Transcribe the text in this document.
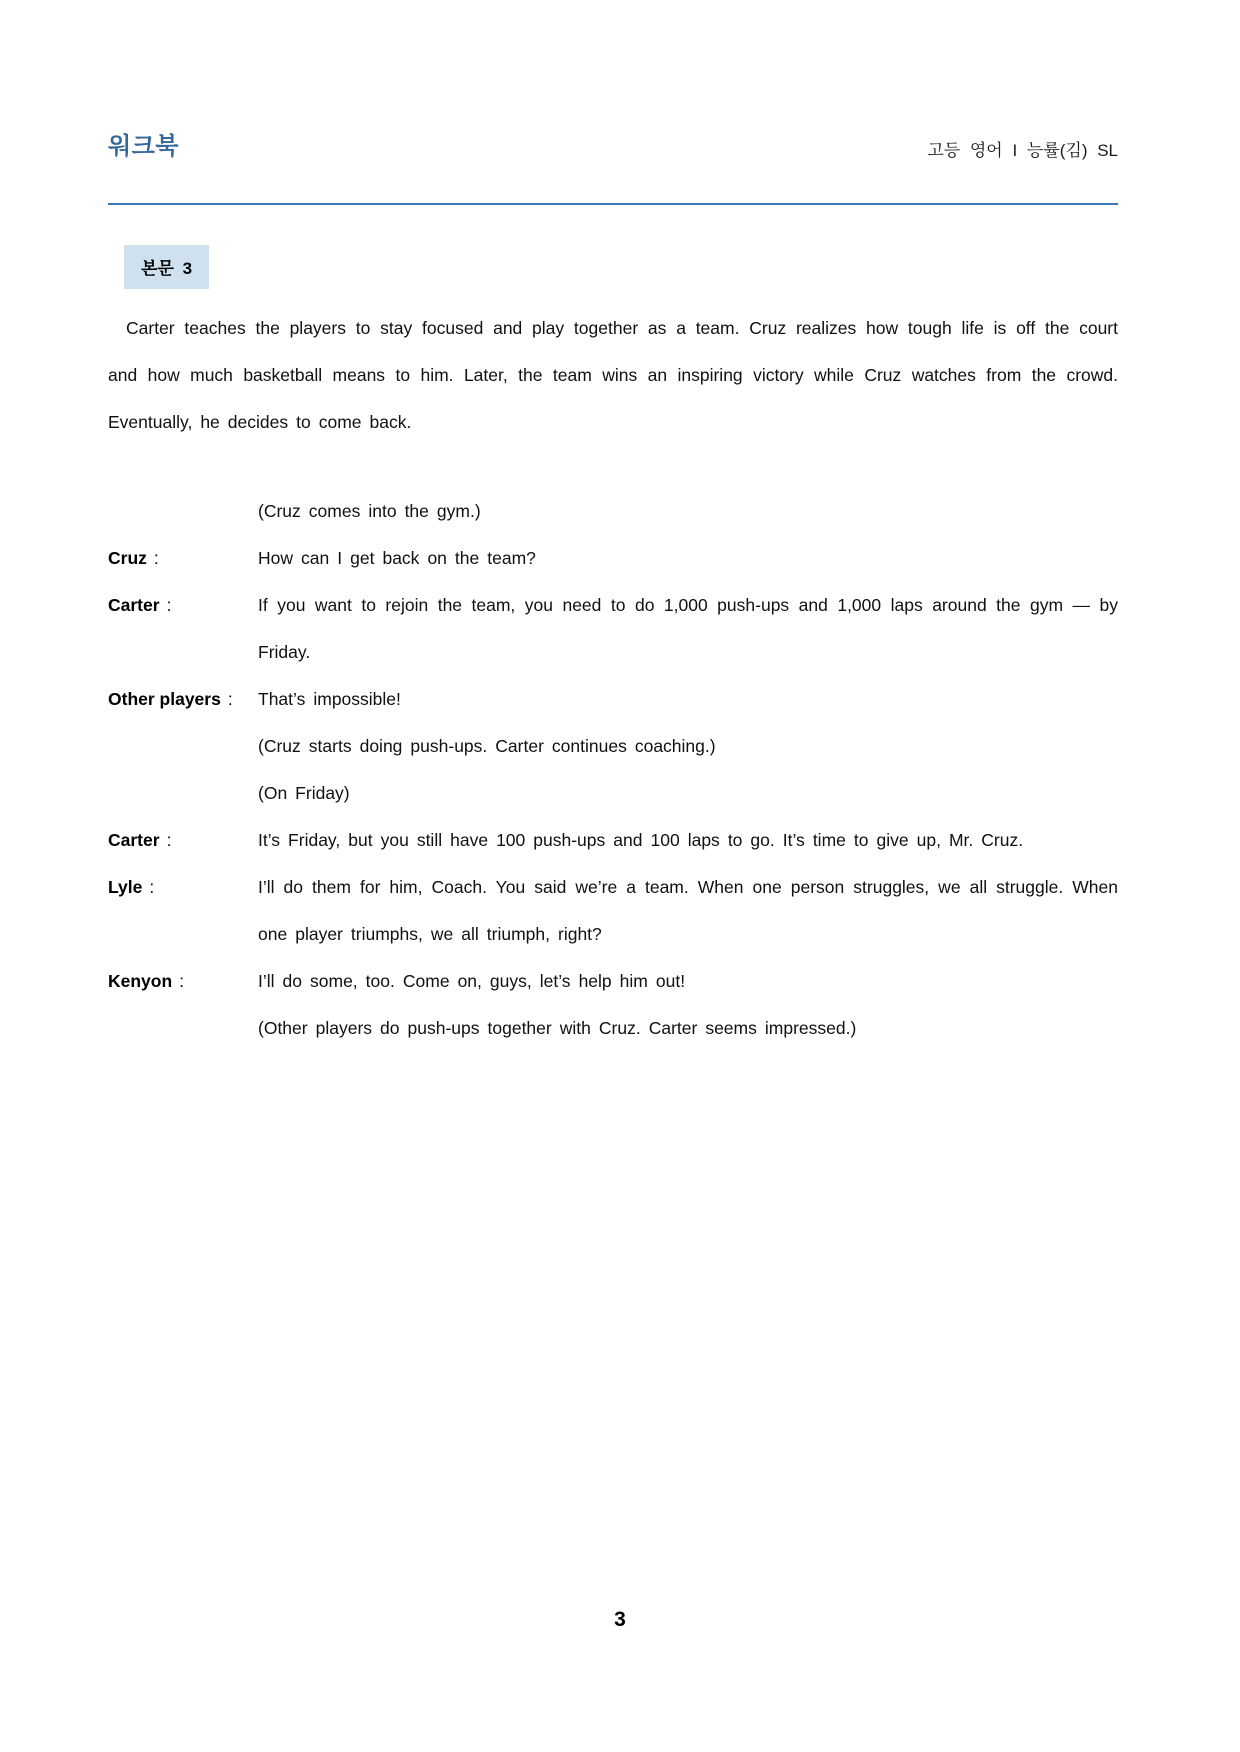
워크북	고등 영어 I 능률(김) SL
본문 3

Carter teaches the players to stay focused and play together as a team. Cruz realizes how tough life is off the court and how much basketball means to him. Later, the team wins an inspiring victory while Cruz watches from the crowd. Eventually, he decides to come back.

(Cruz comes into the gym.)
Cruz :	How can I get back on the team?
Carter :	If you want to rejoin the team, you need to do 1,000 push-ups and 1,000 laps around the gym — by Friday.
Other players :	That’s impossible!
(Cruz starts doing push-ups. Carter continues coaching.)
(On Friday)
Carter :	It’s Friday, but you still have 100 push-ups and 100 laps to go. It’s time to give up, Mr. Cruz.
Lyle :	I’ll do them for him, Coach. You said we’re a team. When one person struggles, we all struggle. When one player triumphs, we all triumph, right?
Kenyon :	I’ll do some, too. Come on, guys, let’s help him out!
(Other players do push-ups together with Cruz. Carter seems impressed.)
3
